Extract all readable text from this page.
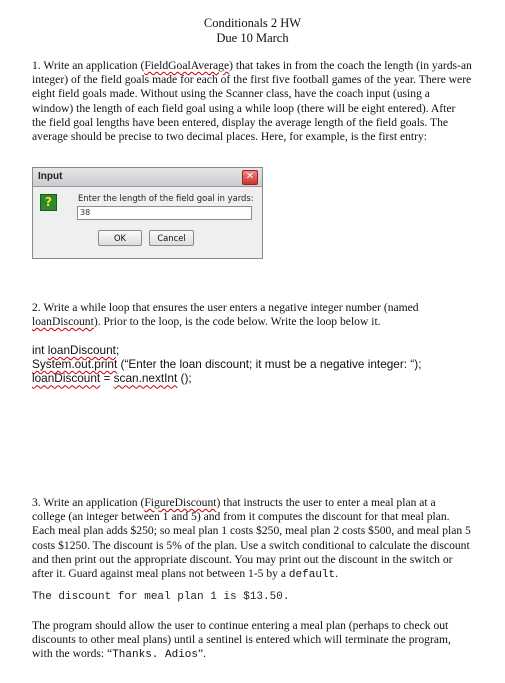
Conditionals 2 HW
Due 10 March
1. Write an application (FieldGoalAverage) that takes in from the coach the length (in yards-an integer) of the field goals made for each of the first five football games of the year. There were eight field goals made. Without using the Scanner class, have the coach input (using a window) the length of each field goal using a while loop (there will be eight entered). After the field goal lengths have been entered, display the average length of the field goals. The average should be precise to two decimal places. Here, for example, is the first entry:
Input	✕
?	Enter the length of the field goal in yards:
38
OK	Cancel
2. Write a while loop that ensures the user enters a negative integer number (named loanDiscount). Prior to the loop, is the code below. Write the loop below it.
int loanDiscount;
System.out.print (“Enter the loan discount; it must be a negative integer: “);
loanDiscount = scan.nextInt ();
3. Write an application (FigureDiscount) that instructs the user to enter a meal plan at a college (an integer between 1 and 5) and from it computes the discount for that meal plan. Each meal plan adds $250; so meal plan 1 costs $250, meal plan 2 costs $500, and meal plan 5 costs $1250. The discount is 5% of the plan. Use a switch conditional to calculate the discount and then print out the appropriate discount. You may print out the discount in the switch or after it. Guard against meal plans not between 1-5 by a default.
The discount for meal plan 1 is $13.50.
The program should allow the user to continue entering a meal plan (perhaps to check out discounts to other meal plans) until a sentinel is entered which will terminate the program, with the words: “Thanks. Adios”.
